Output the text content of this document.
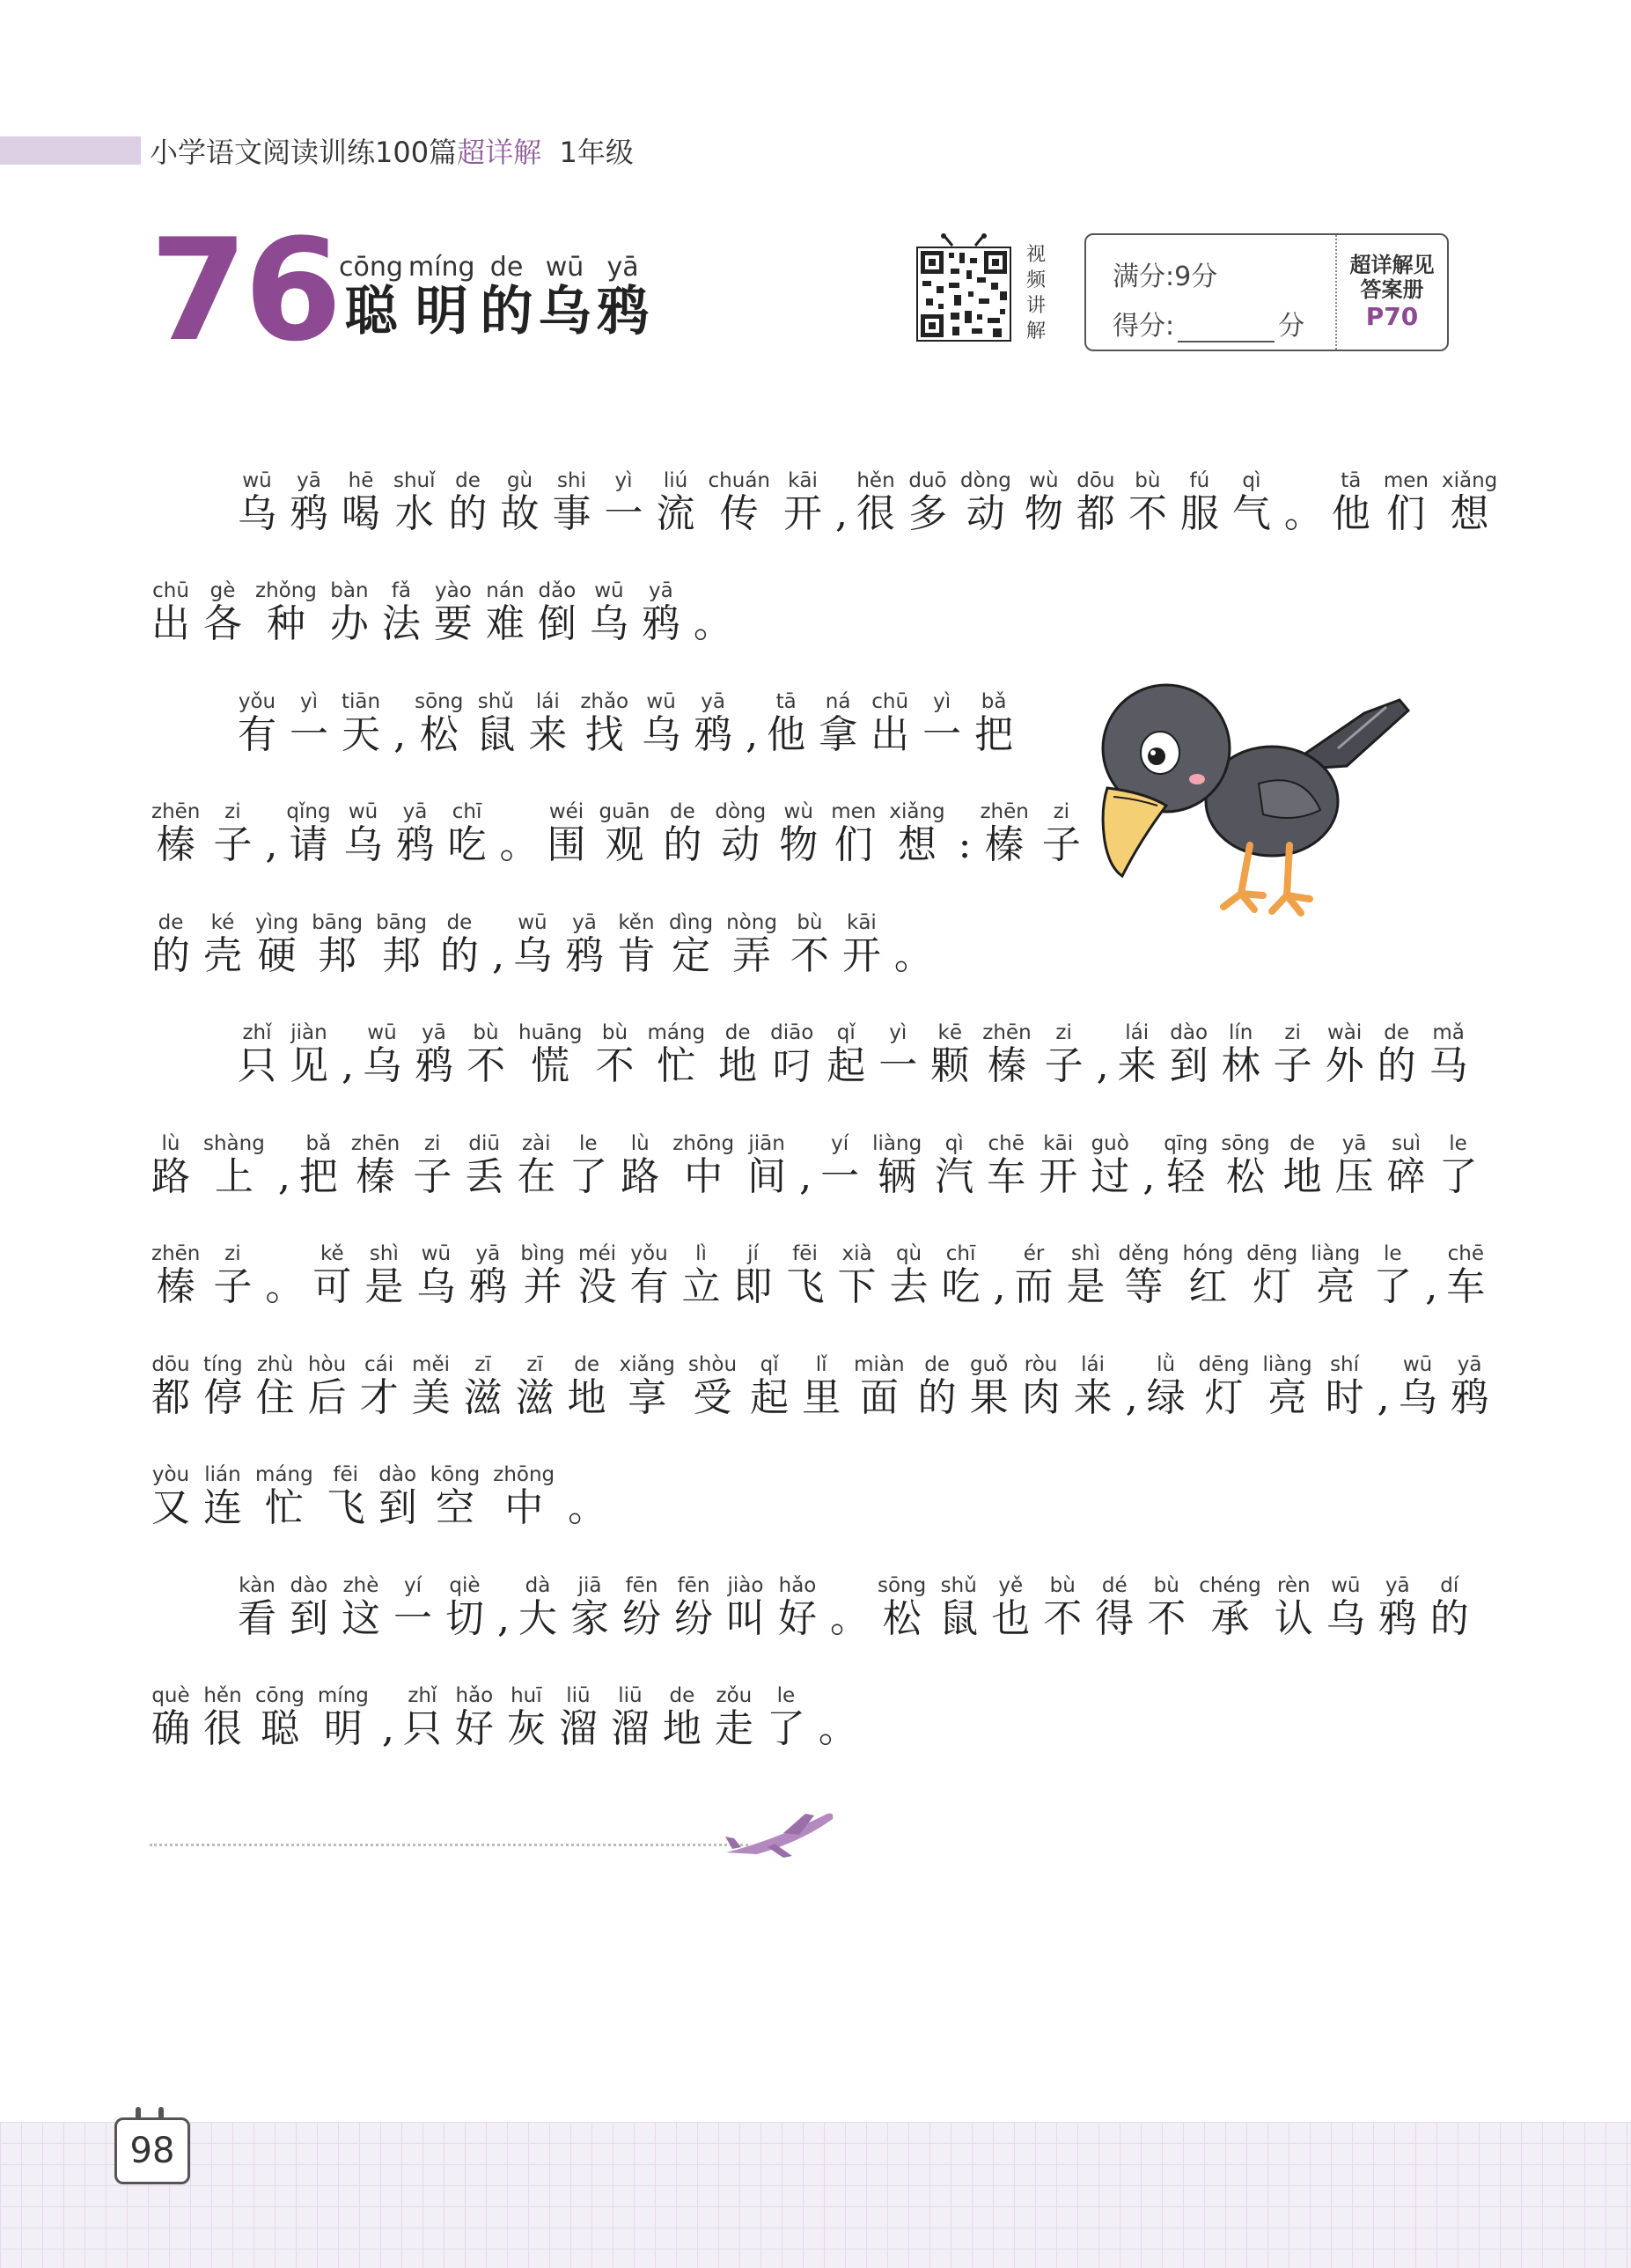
小学语文阅读训练100篇超详解 1年级
76 聪cōng明míng的de乌wū鸦yā	视
频
讲
解
满分:9分
得分:	分
超详解见
答案册
P70
乌wū鸦yā喝hē水shuǐ的de故gù事shi一yì流liú传chuán开kāi, 很hěn多duō动dòng物wù都dōu不bù服fú气qì。 他tā们men想xiǎng
出chū各gè种zhǒng办bàn法fǎ要yào难nán倒dǎo乌wū鸦yā。
有yǒu一yì天tiān, 松sōng鼠shǔ来lái找zhǎo乌wū鸦yā, 他tā拿ná出chū一yì把bǎ
榛zhēn子zi, 请qǐng乌wū鸦yā吃chī。 围wéi观guān的de动dòng物wù们men想xiǎng: 榛zhēn子zi
的de壳ké硬yìng邦bāng邦bāng的de, 乌wū鸦yā肯kěn定dìng弄nòng不bù开kāi。
只zhǐ见jiàn, 乌wū鸦yā不bù慌huāng不bù忙máng地de叼diāo起qǐ一yì颗kē榛zhēn子zi, 来lái到dào林lín子zi外wài的de马mǎ
路lù上shàng, 把bǎ榛zhēn子zi丢diū在zài了le路lù中zhōng间jiān, 一yí辆liàng汽qì车chē开kāi过guò, 轻qīng松sōng地de压yā碎suì了le
榛zhēn子zi。 可kě是shì乌wū鸦yā并bìng没méi有yǒu立lì即jí飞fēi下xià去qù吃chī, 而ér是shì等děng红hóng灯dēng亮liàng了le, 车chē
都dōu停tíng住zhù后hòu才cái美měi滋zī滋zī地de享xiǎng受shòu起qǐ里lǐ面miàn的de果guǒ肉ròu来lái, 绿lǜ灯dēng亮liàng时shí, 乌wū鸦yā
又yòu连lián忙máng飞fēi到dào空kōng中zhōng。
看kàn到dào这zhè一yí切qiè, 大dà家jiā纷fēn纷fēn叫jiào好hǎo。 松sōng鼠shǔ也yě不bù得dé不bù承chéng认rèn乌wū鸦yā的dí
确què很hěn聪cōng明míng, 只zhǐ好hǎo灰huī溜liū溜liū地de走zǒu了le。
98
